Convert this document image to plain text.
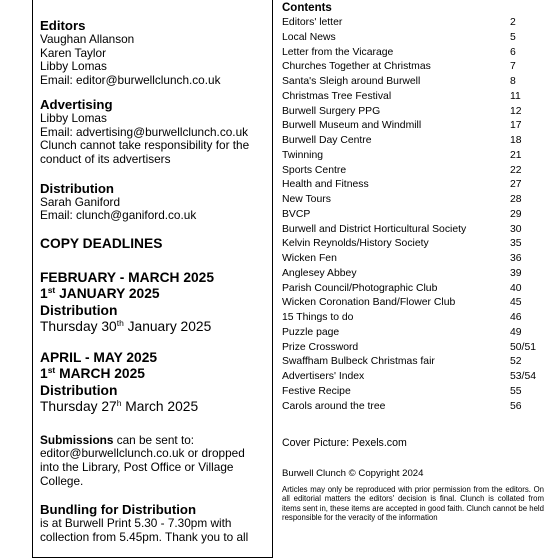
Editors
Vaughan Allanson
Karen Taylor
Libby Lomas
Email: editor@burwellclunch.co.uk
Advertising
Libby Lomas
Email: advertising@burwellclunch.co.uk
Clunch cannot take responsibility for the
conduct of its advertisers
Distribution
Sarah Ganiford
Email: clunch@ganiford.co.uk
COPY DEADLINES
FEBRUARY - MARCH 2025
1st JANUARY 2025
Distribution
Thursday 30th January 2025
APRIL - MAY 2025
1st MARCH 2025
Distribution
Thursday 27$^h$ March 2025
Submissions can be sent to:
editor@burwellclunch.co.uk or dropped
into the Library, Post Office or Village
College.
Bundling for Distribution
is at Burwell Print 5.30 - 7.30pm with
collection from 5.45pm. Thank you to all
Contents
Editors' letter	2
Local News	5
Letter from the Vicarage	6
Churches Together at Christmas	7
Santa's Sleigh around Burwell	8
Christmas Tree Festival	11
Burwell Surgery PPG	12
Burwell Museum and Windmill	17
Burwell Day Centre	18
Twinning	21
Sports Centre	22
Health and Fitness	27
New Tours	28
BVCP	29
Burwell and District Horticultural Society	30
Kelvin Reynolds/History Society	35
Wicken Fen	36
Anglesey Abbey	39
Parish Council/Photographic Club	40
Wicken Coronation Band/Flower Club	45
15 Things to do	46
Puzzle page	49
Prize Crossword	50/51
Swaffham Bulbeck Christmas fair	52
Advertisers' Index	53/54
Festive Recipe	55
Carols around the tree	56
Cover Picture: Pexels.com
Burwell Clunch © Copyright 2024
Articles may only be reproduced with prior permission from the editors. On all editorial matters the editors' decision is final. Clunch is collated from items sent in, these items are accepted in good faith. Clunch cannot be held responsible for the veracity of the information
